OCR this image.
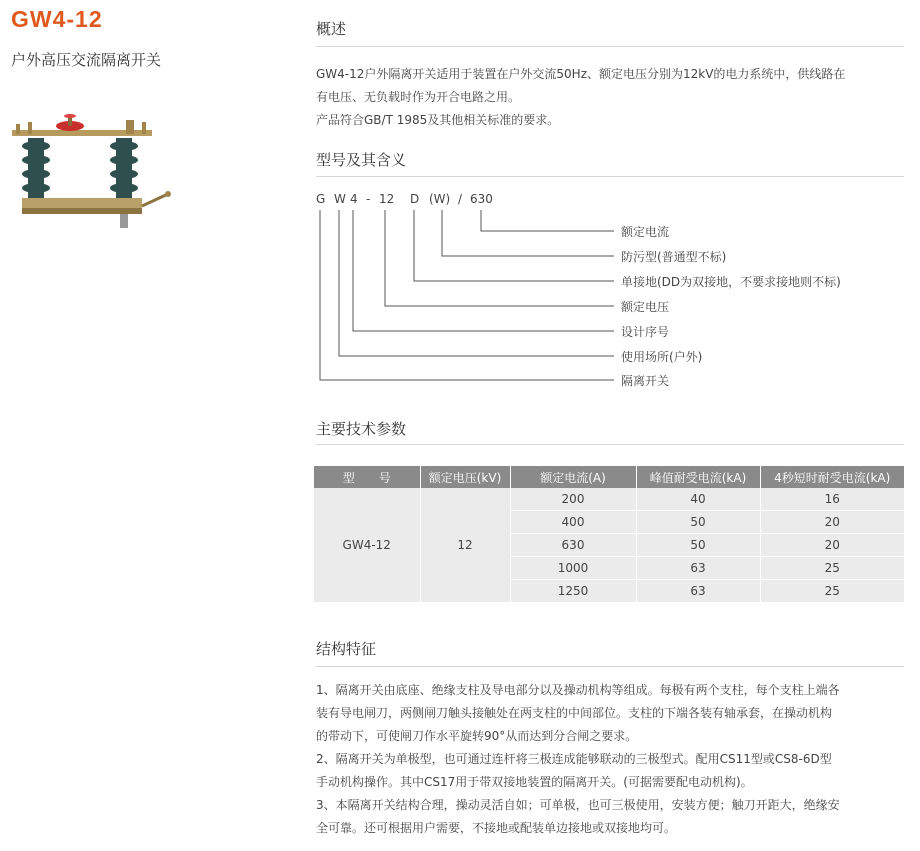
GW4-12
户外高压交流隔离开关
概述
GW4-12户外隔离开关适用于装置在户外交流50Hz、额定电压分别为12kV的电力系统中，供线路在
有电压、无负载时作为开合电路之用。
产品符合GB/T 1985及其他相关标准的要求。
型号及其含义
G W 4 - 12 D (W) / 630
额定电流
防污型(普通型不标)
单接地(DD为双接地，不要求接地则不标)
额定电压
设计序号
使用场所(户外)
隔离开关
主要技术参数
型　　号	额定电压(kV)	额定电流(A)	峰值耐受电流(kA)	4秒短时耐受电流(kA)
GW4-12	12	200	40	16
		400	50	20
		630	50	20
		1000	63	25
		1250	63	25
结构特征
1、隔离开关由底座、绝缘支柱及导电部分以及操动机构等组成。每极有两个支柱，每个支柱上端各
装有导电闸刀，两侧闸刀触头接触处在两支柱的中间部位。支柱的下端各装有轴承套，在操动机构
的带动下，可使闸刀作水平旋转90°从而达到分合闸之要求。
2、隔离开关为单极型，也可通过连杆将三极连成能够联动的三极型式。配用CS11型或CS8-6D型
手动机构操作。其中CS17用于带双接地装置的隔离开关。(可据需要配电动机构)。
3、本隔离开关结构合理，操动灵活自如；可单极，也可三极使用，安装方便；触刀开距大，绝缘安
全可靠。还可根据用户需要，不接地或配装单边接地或双接地均可。
